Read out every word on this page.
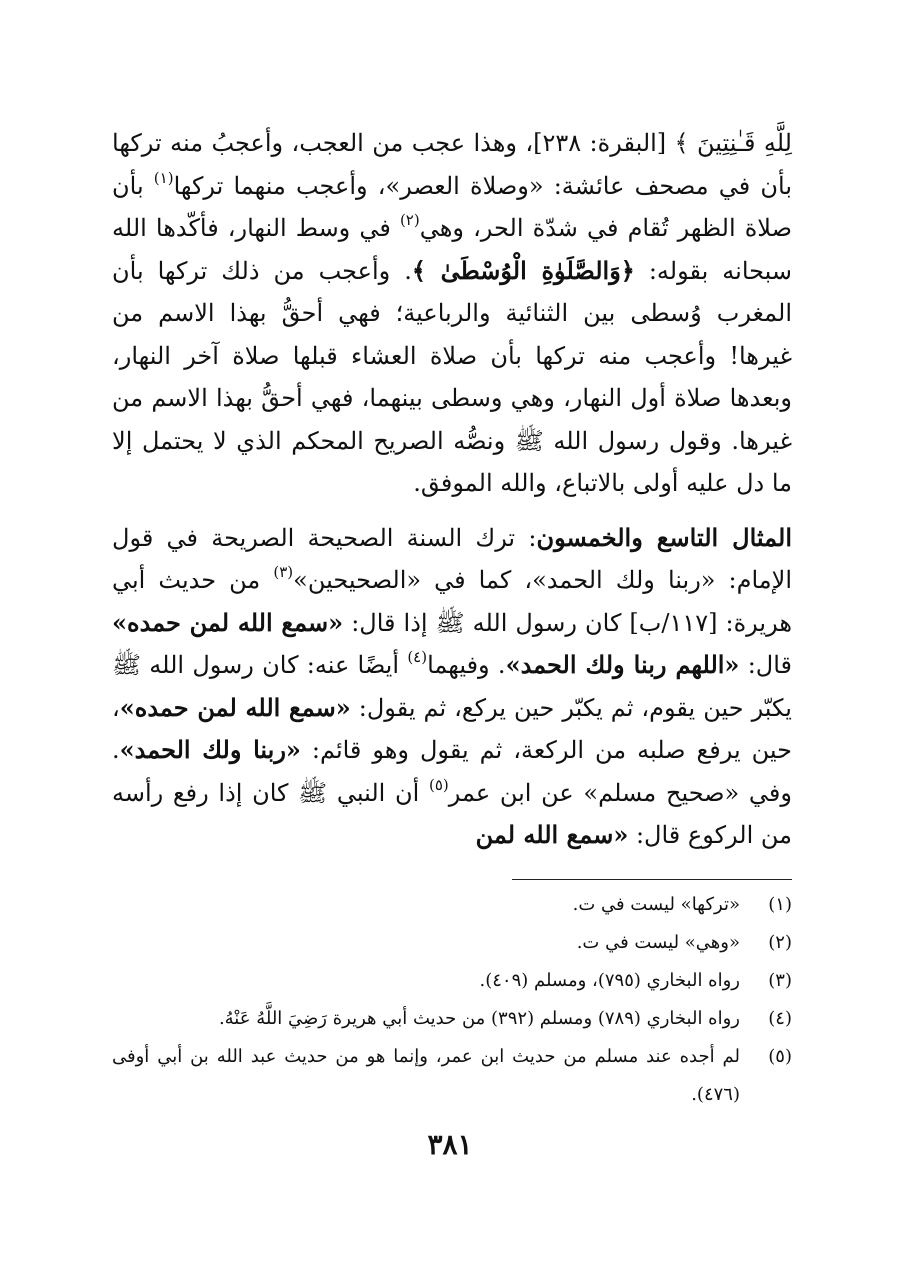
لِلَّهِ قَـٰنِتِينَ ﴾ [البقرة: ٢٣٨]، وهذا عجب من العجب، وأعجبُ منه تركها بأن في مصحف عائشة: «وصلاة العصر»، وأعجب منهما تركها$^{(١)}$ بأن صلاة الظهر تُقام في شدّة الحر، وهي$^{(٢)}$ في وسط النهار، فأكّدها الله سبحانه بقوله: ﴿وَالصَّلَوٰةِ الْوُسْطَىٰ ﴾. وأعجب من ذلك تركها بأن المغرب وُسطى بين الثنائية والرباعية؛ فهي أحقُّ بهذا الاسم من غيرها! وأعجب منه تركها بأن صلاة العشاء قبلها صلاة آخر النهار، وبعدها صلاة أول النهار، وهي وسطى بينهما، فهي أحقُّ بهذا الاسم من غيرها. وقول رسول الله ﷺ ونصُّه الصريح المحكم الذي لا يحتمل إلا ما دل عليه أولى بالاتباع، والله الموفق.

المثال التاسع والخمسون: ترك السنة الصحيحة الصريحة في قول الإمام: «ربنا ولك الحمد»، كما في «الصحيحين»$^{(٣)}$ من حديث أبي هريرة: [١١٧/ب] كان رسول الله ﷺ إذا قال: «سمع الله لمن حمده» قال: «اللهم ربنا ولك الحمد». وفيهما$^{(٤)}$ أيضًا عنه: كان رسول الله ﷺ يكبّر حين يقوم، ثم يكبّر حين يركع، ثم يقول: «سمع الله لمن حمده»، حين يرفع صلبه من الركعة، ثم يقول وهو قائم: «ربنا ولك الحمد». وفي «صحيح مسلم» عن ابن عمر$^{(٥)}$ أن النبي ﷺ كان إذا رفع رأسه من الركوع قال: «سمع الله لمن

(١)
«تركها» ليست في ت.
(٢)
«وهي» ليست في ت.
(٣)
رواه البخاري (٧٩٥)، ومسلم (٤٠٩).
(٤)
رواه البخاري (٧٨٩) ومسلم (٣٩٢) من حديث أبي هريرة رَضِيَ اللَّهُ عَنْهُ.
(٥)
لم أجده عند مسلم من حديث ابن عمر، وإنما هو من حديث عبد الله بن أبي أوفى (٤٧٦).
٣٨١
